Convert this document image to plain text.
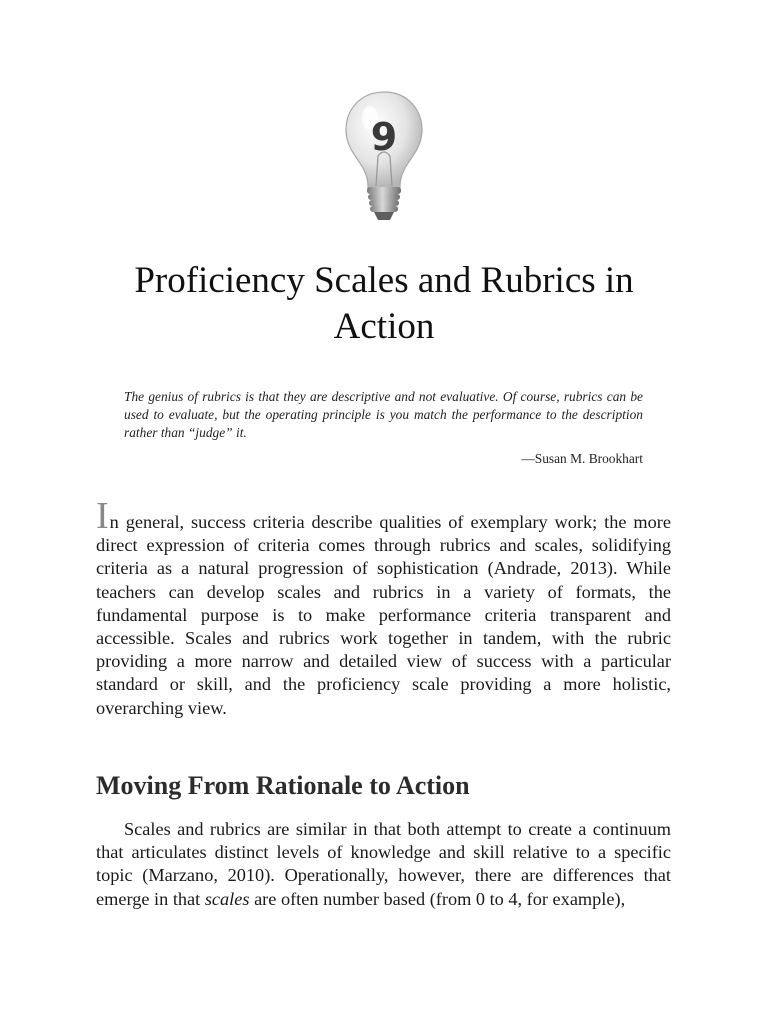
9
Proficiency Scales and Rubrics in Action

The genius of rubrics is that they are descriptive and not evaluative. Of course, rubrics can be used to evaluate, but the operating principle is you match the performance to the description rather than “judge” it.

—Susan M. Brookhart

In general, success criteria describe qualities of exemplary work; the more direct expression of criteria comes through rubrics and scales, solidifying criteria as a natural progression of sophistication (Andrade, 2013). While teachers can develop scales and rubrics in a variety of formats, the fundamental purpose is to make performance criteria transparent and accessible. Scales and rubrics work together in tandem, with the rubric providing a more narrow and detailed view of success with a particular standard or skill, and the proficiency scale providing a more holistic, overarching view.

Moving From Rationale to Action

Scales and rubrics are similar in that both attempt to create a continuum that articulates distinct levels of knowledge and skill relative to a specific topic (Marzano, 2010). Operationally, however, there are differences that emerge in that scales are often number based (from 0 to 4, for example),
